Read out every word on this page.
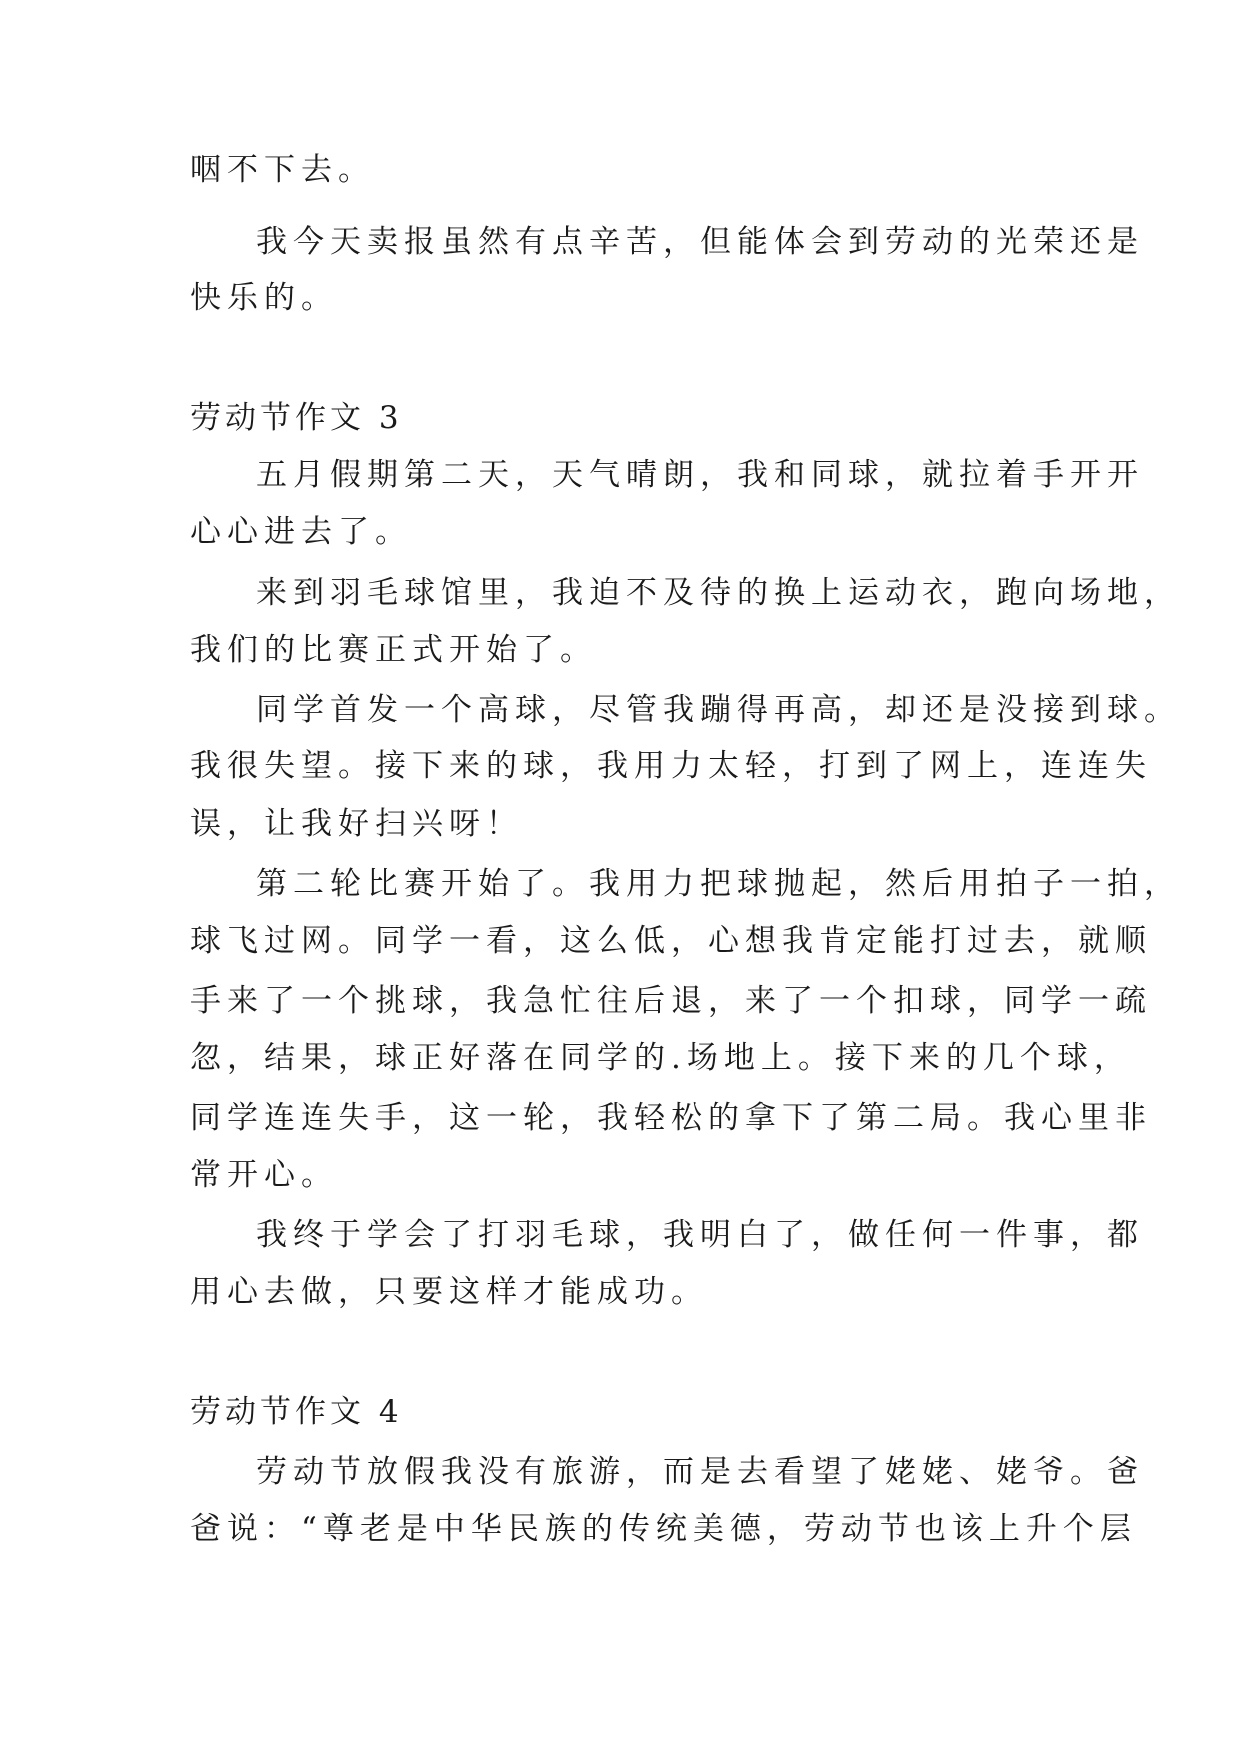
咽不下去。
我今天卖报虽然有点辛苦，但能体会到劳动的光荣还是
快乐的。
劳动节作文 3
五月假期第二天，天气晴朗，我和同球，就拉着手开开
心心进去了。
来到羽毛球馆里，我迫不及待的换上运动衣，跑向场地，
我们的比赛正式开始了。
同学首发一个高球，尽管我蹦得再高，却还是没接到球。
我很失望。接下来的球，我用力太轻，打到了网上，连连失
误，让我好扫兴呀！
第二轮比赛开始了。我用力把球抛起，然后用拍子一拍，
球飞过网。同学一看，这么低，心想我肯定能打过去，就顺
手来了一个挑球，我急忙往后退，来了一个扣球，同学一疏
忽，结果，球正好落在同学的.场地上。接下来的几个球，
同学连连失手，这一轮，我轻松的拿下了第二局。我心里非
常开心。
我终于学会了打羽毛球，我明白了，做任何一件事，都
用心去做，只要这样才能成功。
劳动节作文 4
劳动节放假我没有旅游，而是去看望了姥姥、姥爷。爸
爸说：“尊老是中华民族的传统美德，劳动节也该上升个层
